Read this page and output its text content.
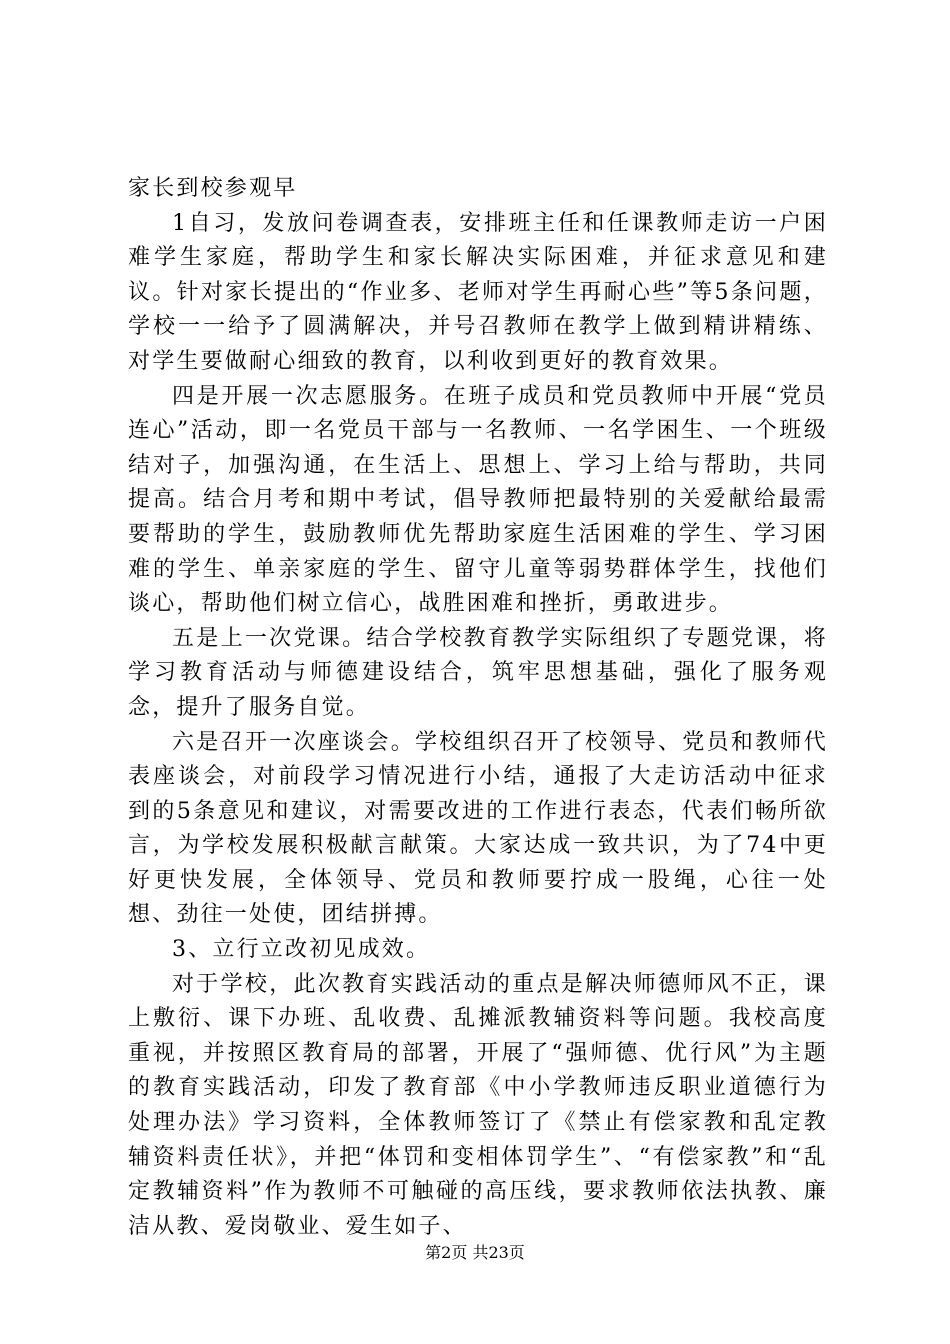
家长到校参观早

1自习，发放问卷调查表，安排班主任和任课教师走访一户困难学生家庭，帮助学生和家长解决实际困难，并征求意见和建议。针对家长提出的“作业多、老师对学生再耐心些”等5条问题，学校一一给予了圆满解决，并号召教师在教学上做到精讲精练、对学生要做耐心细致的教育，以利收到更好的教育效果。

四是开展一次志愿服务。在班子成员和党员教师中开展“党员连心”活动，即一名党员干部与一名教师、一名学困生、一个班级结对子，加强沟通，在生活上、思想上、学习上给与帮助，共同提高。结合月考和期中考试，倡导教师把最特别的关爱献给最需要帮助的学生，鼓励教师优先帮助家庭生活困难的学生、学习困难的学生、单亲家庭的学生、留守儿童等弱势群体学生，找他们谈心，帮助他们树立信心，战胜困难和挫折，勇敢进步。

五是上一次党课。结合学校教育教学实际组织了专题党课，将学习教育活动与师德建设结合，筑牢思想基础，强化了服务观念，提升了服务自觉。

六是召开一次座谈会。学校组织召开了校领导、党员和教师代表座谈会，对前段学习情况进行小结，通报了大走访活动中征求到的5条意见和建议，对需要改进的工作进行表态，代表们畅所欲言，为学校发展积极献言献策。大家达成一致共识，为了74中更好更快发展，全体领导、党员和教师要拧成一股绳，心往一处想、劲往一处使，团结拼搏。

3、立行立改初见成效。

对于学校，此次教育实践活动的重点是解决师德师风不正，课上敷衍、课下办班、乱收费、乱摊派教辅资料等问题。我校高度重视，并按照区教育局的部署，开展了“强师德、优行风”为主题的教育实践活动，印发了教育部《中小学教师违反职业道德行为处理办法》学习资料，全体教师签订了《禁止有偿家教和乱定教辅资料责任状》，并把“体罚和变相体罚学生”、“有偿家教”和“乱定教辅资料”作为教师不可触碰的高压线，要求教师依法执教、廉洁从教、爱岗敬业、爱生如子、

第2页 共23页
